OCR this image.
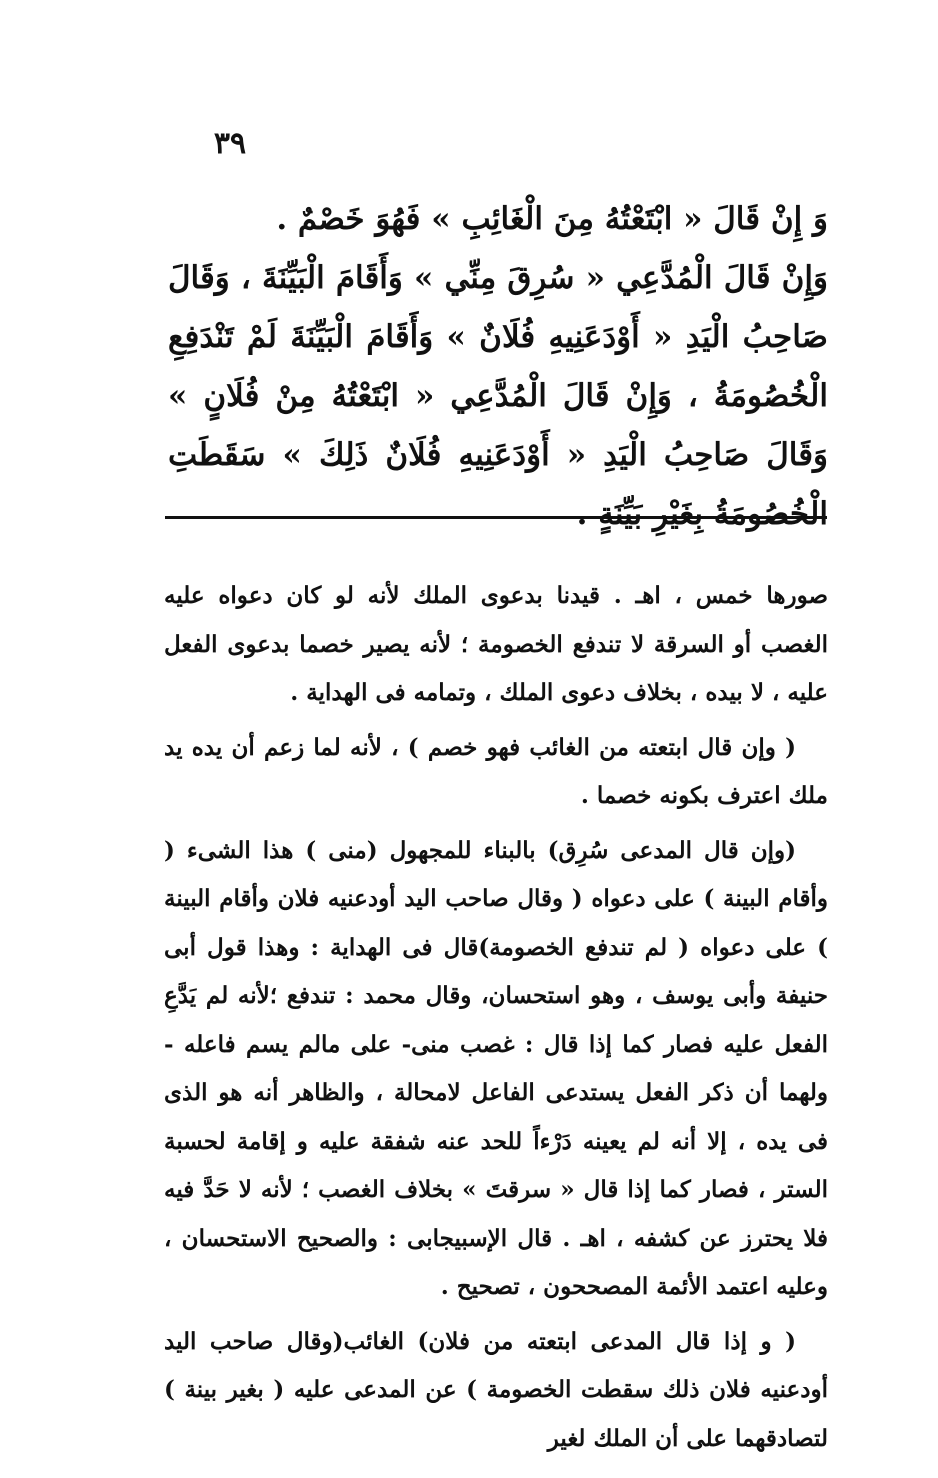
٣٩

وَ إِنْ قَالَ « ابْتَعْتُهُ مِنَ الْغَائِبِ » فَهُوَ خَصْمٌ .

وَإِنْ قَالَ الْمُدَّعِي « سُرِقَ مِنِّي » وَأَقَامَ الْبَيِّنَةَ ، وَقَالَ صَاحِبُ الْيَدِ « أَوْدَعَنِيهِ فُلَانٌ » وَأَقَامَ الْبَيِّنَةَ لَمْ تَنْدَفِعِ الْخُصُومَةُ ، وَإِنْ قَالَ الْمُدَّعِي « ابْتَعْتُهُ مِنْ فُلَانٍ » وَقَالَ صَاحِبُ الْيَدِ « أَوْدَعَنِيهِ فُلَانٌ ذَلِكَ » سَقَطَتِ الْخُصُومَةُ بِغَيْرِ بَيِّنَةٍ .

صورها خمس ، اهـ . قيدنا بدعوى الملك لأنه لو كان دعواه عليه الغصب أو السرقة لا تندفع الخصومة ؛ لأنه يصير خصما بدعوى الفعل عليه ، لا بيده ، بخلاف دعوى الملك ، وتمامه فى الهداية .

( وإن قال ابتعته من الغائب فهو خصم ) ، لأنه لما زعم أن يده يد ملك اعترف بكونه خصما .

(وإن قال المدعى سُرِق) بالبناء للمجهول (منى ) هذا الشىء ( وأقام البينة ) على دعواه ( وقال صاحب اليد أودعنيه فلان وأقام البينة ) على دعواه ( لم تندفع الخصومة)قال فى الهداية : وهذا قول أبى حنيفة وأبى يوسف ، وهو استحسان، وقال محمد : تندفع ؛لأنه لم يَدَّعِ الفعل عليه فصار كما إذا قال : غصب منى- على مالم يسم فاعله - ولهما أن ذكر الفعل يستدعى الفاعل لامحالة ، والظاهر أنه هو الذى فى يده ، إلا أنه لم يعينه دَرْءاً للحد عنه شفقة عليه و إقامة لحسبة الستر ، فصار كما إذا قال « سرقتَ » بخلاف الغصب ؛ لأنه لا حَدَّ فيه فلا يحترز عن كشفه ، اهـ . قال الإسبيجابى : والصحيح الاستحسان ، وعليه اعتمد الأئمة المصححون ، تصحيح .

( و إذا قال المدعى ابتعته من فلان) الغائب(وقال صاحب اليد أودعنيه فلان ذلك سقطت الخصومة ) عن المدعى عليه ( بغير بينة ) لتصادقهما على أن الملك لغير
